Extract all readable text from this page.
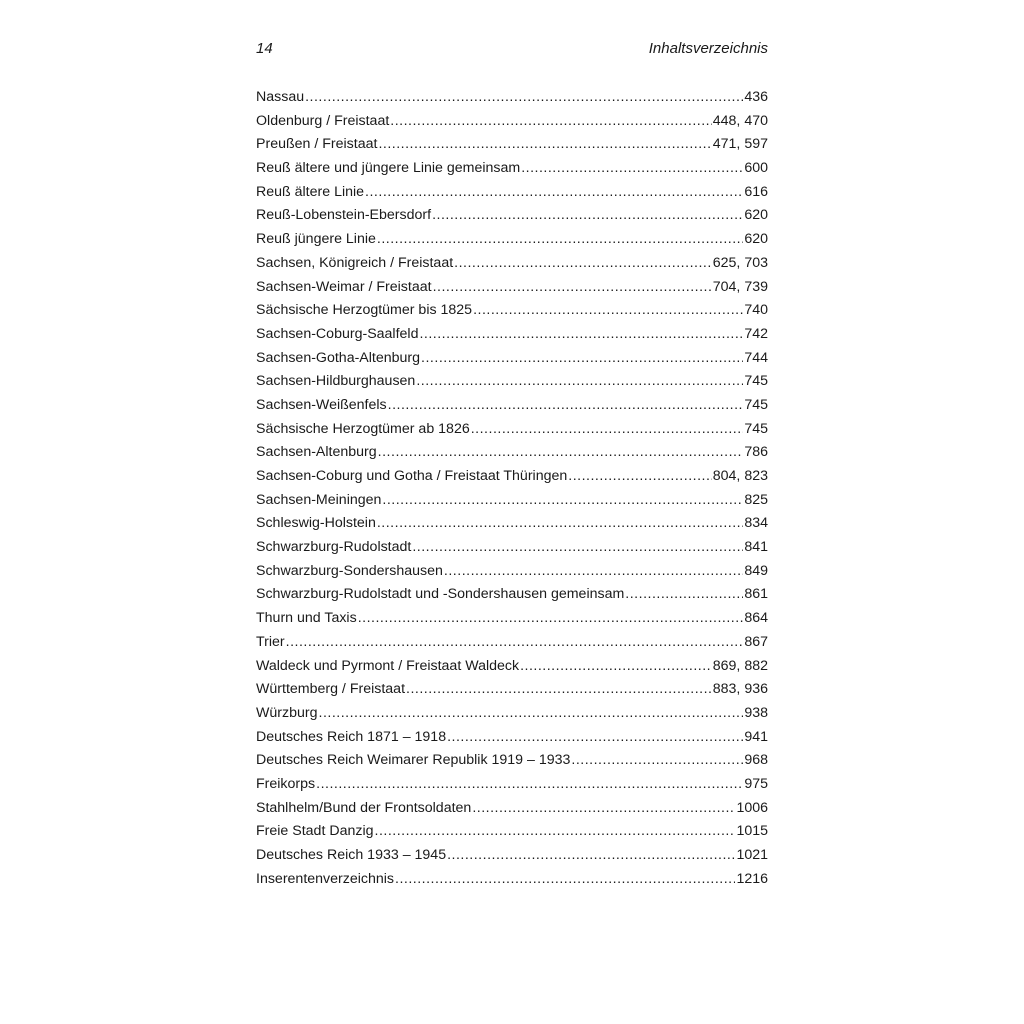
14	Inhaltsverzeichnis
Nassau .....	436
Oldenburg / Freistaat .....	448, 470
Preußen / Freistaat .....	471, 597
Reuß ältere und jüngere Linie gemeinsam .....	600
Reuß ältere Linie .....	616
Reuß-Lobenstein-Ebersdorf .....	620
Reuß jüngere Linie .....	620
Sachsen, Königreich / Freistaat .....	625, 703
Sachsen-Weimar / Freistaat .....	704, 739
Sächsische Herzogtümer bis 1825 .....	740
Sachsen-Coburg-Saalfeld .....	742
Sachsen-Gotha-Altenburg .....	744
Sachsen-Hildburghausen .....	745
Sachsen-Weißenfels .....	745
Sächsische Herzogtümer ab 1826 .....	745
Sachsen-Altenburg .....	786
Sachsen-Coburg und Gotha / Freistaat Thüringen .....	804, 823
Sachsen-Meiningen .....	825
Schleswig-Holstein .....	834
Schwarzburg-Rudolstadt .....	841
Schwarzburg-Sondershausen .....	849
Schwarzburg-Rudolstadt und -Sondershausen gemeinsam .....	861
Thurn und Taxis .....	864
Trier .....	867
Waldeck und Pyrmont / Freistaat Waldeck .....	869, 882
Württemberg / Freistaat .....	883, 936
Würzburg .....	938
Deutsches Reich 1871 – 1918 .....	941
Deutsches Reich Weimarer Republik 1919 – 1933 .....	968
Freikorps .....	975
Stahlhelm/Bund der Frontsoldaten .....	1006
Freie Stadt Danzig .....	1015
Deutsches Reich 1933 – 1945 .....	1021
Inserentenverzeichnis .....	1216
